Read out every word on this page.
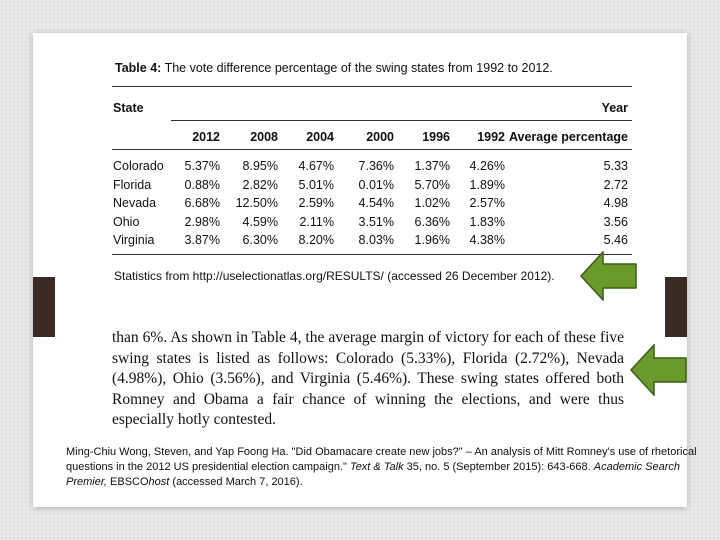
Table 4: The vote difference percentage of the swing states from 1992 to 2012.
State	Year
2012	2008	2004	2000	1996	1992 Average percentage
Colorado	5.37%	8.95%	4.67%	7.36%	1.37%	4.26%	5.33
Florida	0.88%	2.82%	5.01%	0.01%	5.70%	1.89%	2.72
Nevada	6.68% 12.50%	2.59%	4.54%	1.02%	2.57%	4.98
Ohio	2.98%	4.59%	2.11%	3.51%	6.36%	1.83%	3.56
Virginia	3.87%	6.30%	8.20%	8.03%	1.96%	4.38%	5.46
Statistics from http://uselectionatlas.org/RESULTS/ (accessed 26 December 2012).
than 6%. As shown in Table 4, the average margin of victory for each of these five swing states is listed as follows: Colorado (5.33%), Florida (2.72%), Nevada (4.98%), Ohio (3.56%), and Virginia (5.46%). These swing states offered both Romney and Obama a fair chance of winning the elections, and were thus especially hotly contested.
Ming-Chiu Wong, Steven, and Yap Foong Ha. "Did Obamacare create new jobs?" – An analysis of Mitt Romney's use of rhetorical questions in the 2012 US presidential election campaign." Text & Talk 35, no. 5 (September 2015): 643-668. Academic Search Premier, EBSCOhost (accessed March 7, 2016).
